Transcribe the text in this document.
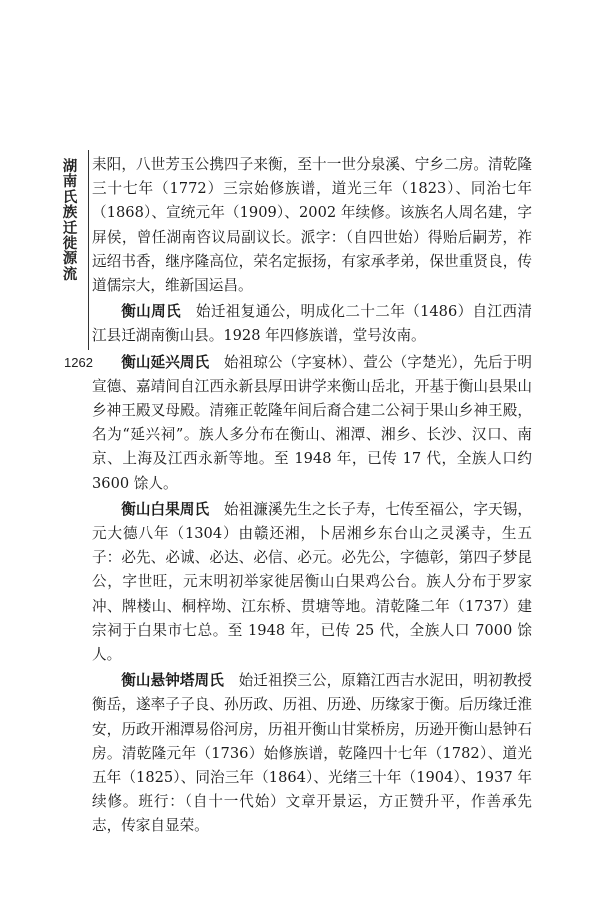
湖
南
氏
族
迁
徙
源
流
1262

耒阳，八世芳玉公携四子来衡，至十一世分泉溪、宁乡二房。清乾隆三十七年（1772）三宗始修族谱，道光三年（1823）、同治七年（1868）、宣统元年（1909）、2002 年续修。该族名人周名建，字屏侯，曾任湖南咨议局副议长。派字：（自四世始）得贻后嗣芳，祚远绍书香，继序隆高位，荣名定振扬，有家承孝弟，保世重贤良，传道儒宗大，维新国运昌。

衡山周氏　 始迁祖复通公，明成化二十二年（1486）自江西清江县迁湖南衡山县。1928 年四修族谱，堂号汝南。

衡山延兴周氏　 始祖琼公（字宴林）、萱公（字楚光），先后于明宣德、嘉靖间自江西永新县厚田讲学来衡山岳北，开基于衡山县果山乡神王殿叉母殿。清雍正乾隆年间后裔合建二公祠于果山乡神王殿，名为“延兴祠”。族人多分布在衡山、湘潭、湘乡、长沙、汉口、南京、上海及江西永新等地。至 1948 年，已传 17 代，全族人口约 3600 馀人。

衡山白果周氏　 始祖濂溪先生之长子寿，七传至福公，字天锡，元大德八年（1304）由赣还湘，卜居湘乡东台山之灵溪寺，生五子：必先、必诚、必达、必信、必元。必先公，字德彰，第四子梦昆公，字世旺，元末明初举家徙居衡山白果鸡公台。族人分布于罗家冲、牌楼山、桐梓坳、江东桥、贯塘等地。清乾隆二年（1737）建宗祠于白果市七总。至 1948 年，已传 25 代，全族人口 7000 馀人。

衡山悬钟塔周氏　 始迁祖揆三公，原籍江西吉水泥田，明初教授衡岳，遂率子子良、孙历政、历祖、历逊、历缘家于衡。后历缘迁淮安，历政开湘潭易俗河房，历祖开衡山甘棠桥房，历逊开衡山悬钟石房。清乾隆元年（1736）始修族谱，乾隆四十七年（1782）、道光五年（1825）、同治三年（1864）、光绪三十年（1904）、1937 年续修。班行：（自十一代始）文章开景运，方正赞升平，作善承先志，传家自显荣。
